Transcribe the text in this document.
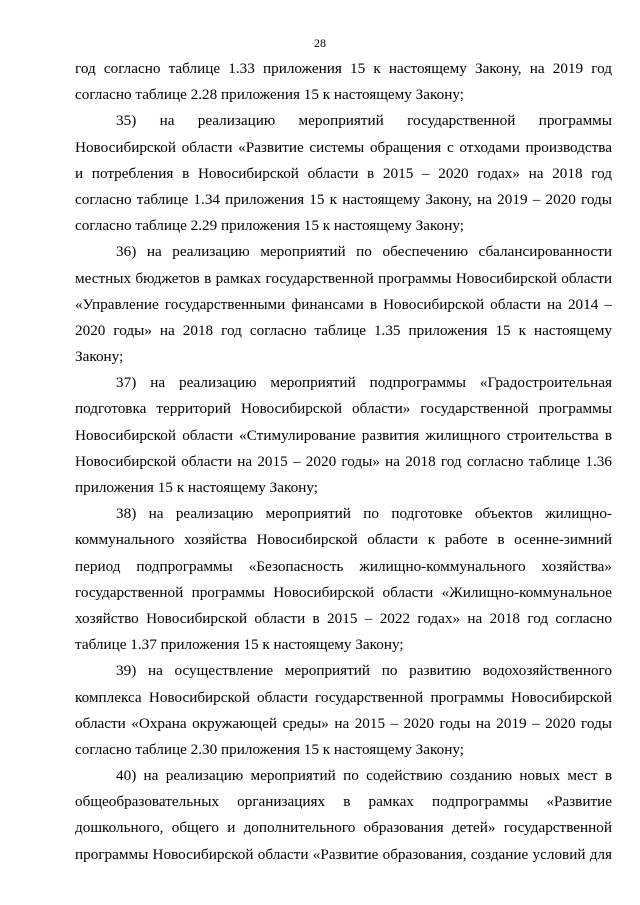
28
год согласно таблице 1.33 приложения 15 к настоящему Закону, на 2019 год
согласно таблице 2.28 приложения 15 к настоящему Закону;
35) на реализацию мероприятий государственной программы
Новосибирской области «Развитие системы обращения с отходами производства
и потребления в Новосибирской области в 2015 – 2020 годах» на 2018 год
согласно таблице 1.34 приложения 15 к настоящему Закону, на 2019 – 2020 годы
согласно таблице 2.29 приложения 15 к настоящему Закону;
36) на реализацию мероприятий по обеспечению сбалансированности
местных бюджетов в рамках государственной программы Новосибирской области
«Управление государственными финансами в Новосибирской области на 2014 –
2020 годы» на 2018 год согласно таблице 1.35 приложения 15 к настоящему
Закону;
37) на реализацию мероприятий подпрограммы «Градостроительная
подготовка территорий Новосибирской области» государственной программы
Новосибирской области «Стимулирование развития жилищного строительства в
Новосибирской области на 2015 – 2020 годы» на 2018 год согласно таблице 1.36
приложения 15 к настоящему Закону;
38) на реализацию мероприятий по подготовке объектов жилищно-
коммунального хозяйства Новосибирской области к работе в осенне-зимний
период подпрограммы «Безопасность жилищно-коммунального хозяйства»
государственной программы Новосибирской области «Жилищно-коммунальное
хозяйство Новосибирской области в 2015 – 2022 годах» на 2018 год согласно
таблице 1.37 приложения 15 к настоящему Закону;
39) на осуществление мероприятий по развитию водохозяйственного
комплекса Новосибирской области государственной программы Новосибирской
области «Охрана окружающей среды» на 2015 – 2020 годы на 2019 – 2020 годы
согласно таблице 2.30 приложения 15 к настоящему Закону;
40) на реализацию мероприятий по содействию созданию новых мест в
общеобразовательных организациях в рамках подпрограммы «Развитие
дошкольного, общего и дополнительного образования детей» государственной
программы Новосибирской области «Развитие образования, создание условий для
